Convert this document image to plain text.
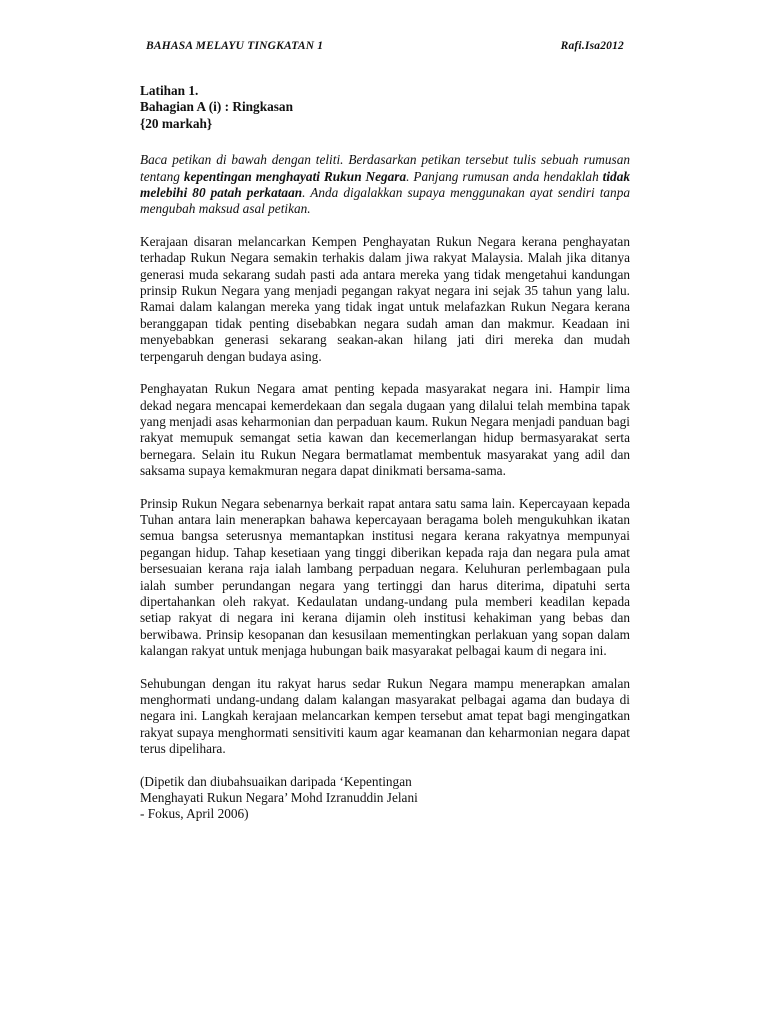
BAHASA MELAYU TINGKATAN 1	Rafi.Isa2012
Latihan 1.
Bahagian A (i) : Ringkasan
{20 markah}
Baca petikan di bawah dengan teliti. Berdasarkan petikan tersebut tulis sebuah rumusan tentang kepentingan menghayati Rukun Negara. Panjang rumusan anda hendaklah tidak melebihi 80 patah perkataan. Anda digalakkan supaya menggunakan ayat sendiri tanpa mengubah maksud asal petikan.

Kerajaan disaran melancarkan Kempen Penghayatan Rukun Negara kerana penghayatan terhadap Rukun Negara semakin terhakis dalam jiwa rakyat Malaysia. Malah jika ditanya generasi muda sekarang sudah pasti ada antara mereka yang tidak mengetahui kandungan prinsip Rukun Negara yang menjadi pegangan rakyat negara ini sejak 35 tahun yang lalu. Ramai dalam kalangan mereka yang tidak ingat untuk melafazkan Rukun Negara kerana beranggapan tidak penting disebabkan negara sudah aman dan makmur. Keadaan ini menyebabkan generasi sekarang seakan-akan hilang jati diri mereka dan mudah terpengaruh dengan budaya asing.

Penghayatan Rukun Negara amat penting kepada masyarakat negara ini. Hampir lima dekad negara mencapai kemerdekaan dan segala dugaan yang dilalui telah membina tapak yang menjadi asas keharmonian dan perpaduan kaum. Rukun Negara menjadi panduan bagi rakyat memupuk semangat setia kawan dan kecemerlangan hidup bermasyarakat serta bernegara. Selain itu Rukun Negara bermatlamat membentuk masyarakat yang adil dan saksama supaya kemakmuran negara dapat dinikmati bersama-sama.

Prinsip Rukun Negara sebenarnya berkait rapat antara satu sama lain. Kepercayaan kepada Tuhan antara lain menerapkan bahawa kepercayaan beragama boleh mengukuhkan ikatan semua bangsa seterusnya memantapkan institusi negara kerana rakyatnya mempunyai pegangan hidup. Tahap kesetiaan yang tinggi diberikan kepada raja dan negara pula amat bersesuaian kerana raja ialah lambang perpaduan negara. Keluhuran perlembagaan pula ialah sumber perundangan negara yang tertinggi dan harus diterima, dipatuhi serta dipertahankan oleh rakyat. Kedaulatan undang-undang pula memberi keadilan kepada setiap rakyat di negara ini kerana dijamin oleh institusi kehakiman yang bebas dan berwibawa. Prinsip kesopanan dan kesusilaan mementingkan perlakuan yang sopan dalam kalangan rakyat untuk menjaga hubungan baik masyarakat pelbagai kaum di negara ini.

Sehubungan dengan itu rakyat harus sedar Rukun Negara mampu menerapkan amalan menghormati undang-undang dalam kalangan masyarakat pelbagai agama dan budaya di negara ini. Langkah kerajaan melancarkan kempen tersebut amat tepat bagi mengingatkan rakyat supaya menghormati sensitiviti kaum agar keamanan dan keharmonian negara dapat terus dipelihara.

(Dipetik dan diubahsuaikan daripada ‘Kepentingan
Menghayati Rukun Negara’ Mohd Izranuddin Jelani
- Fokus, April 2006)
